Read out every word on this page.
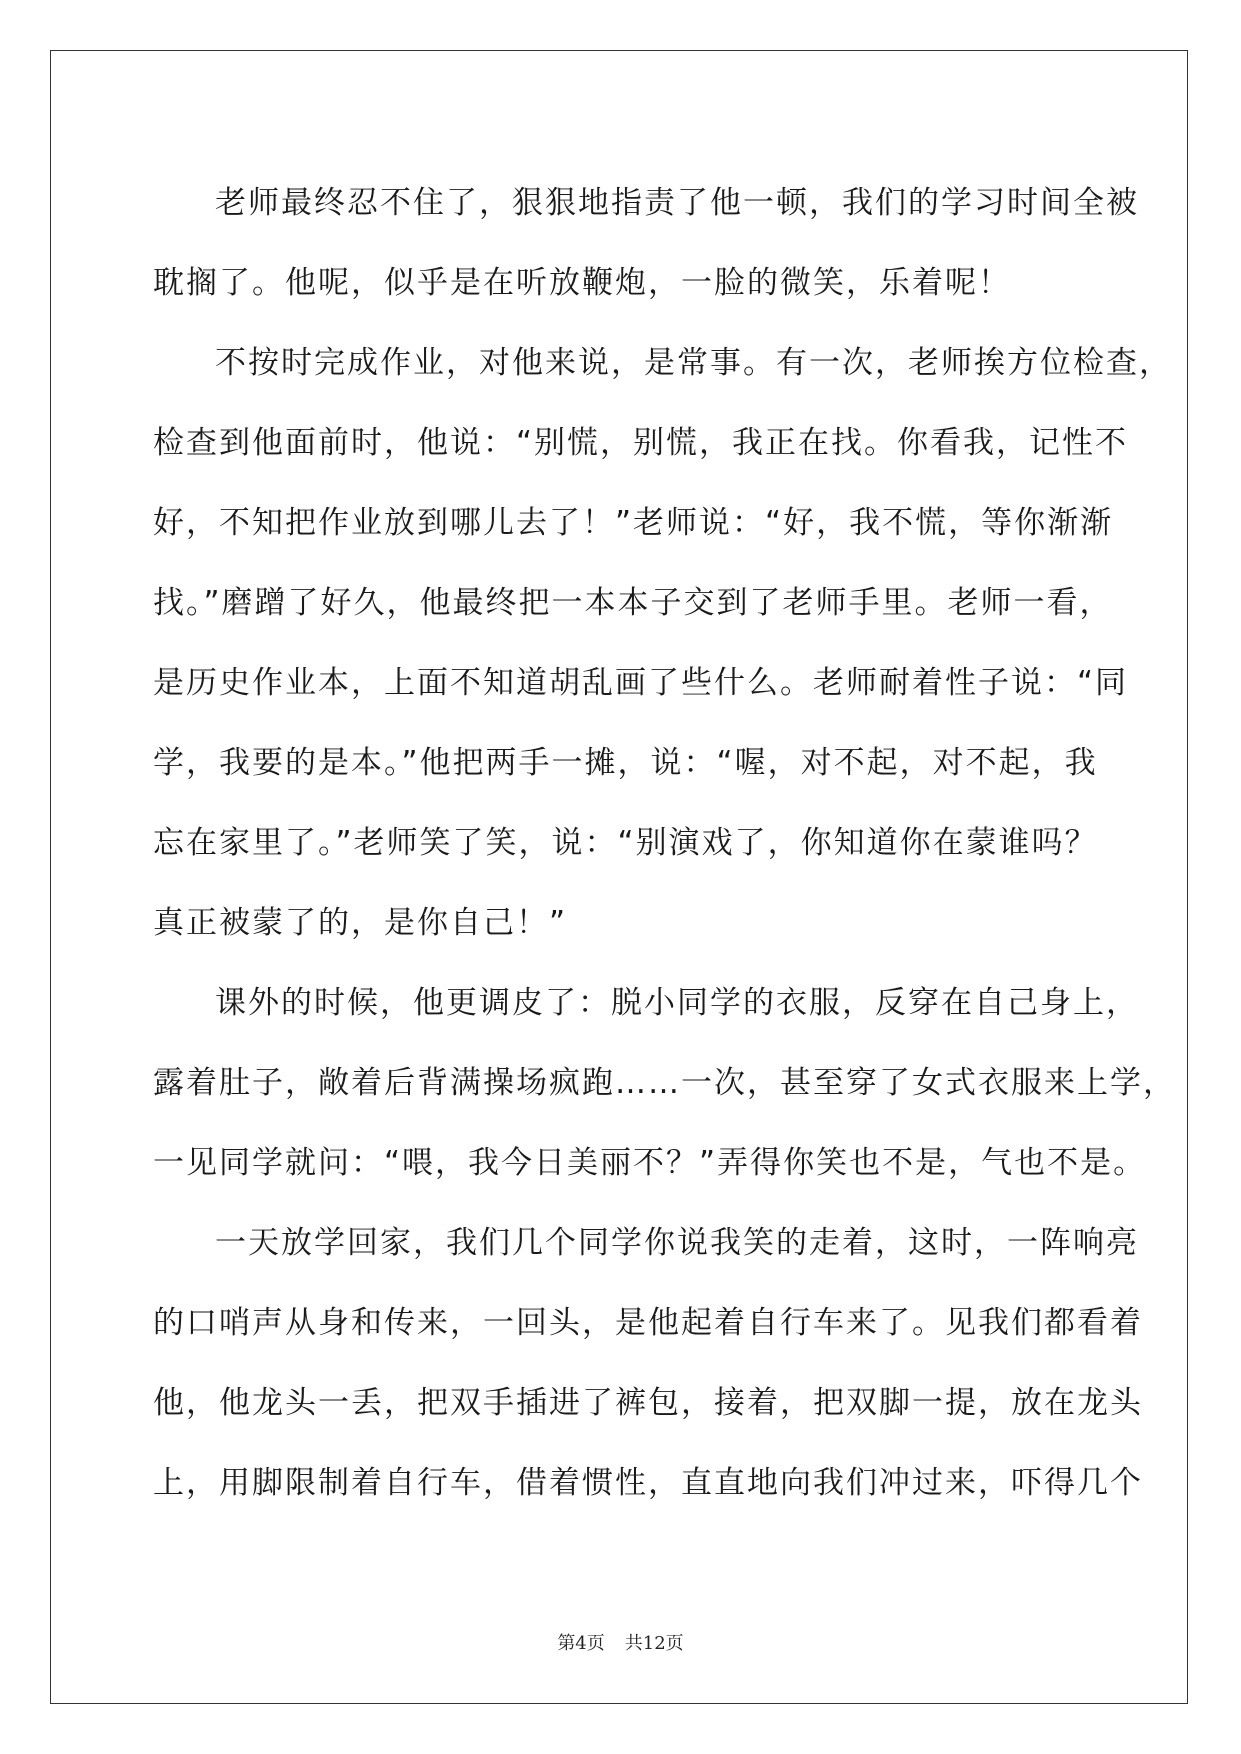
老师最终忍不住了，狠狠地指责了他一顿，我们的学习时间全被
耽搁了。他呢，似乎是在听放鞭炮，一脸的微笑，乐着呢！
不按时完成作业，对他来说，是常事。有一次，老师挨方位检查，
检查到他面前时，他说：“别慌，别慌，我正在找。你看我，记性不
好，不知把作业放到哪儿去了！”老师说：“好，我不慌，等你渐渐
找。”磨蹭了好久，他最终把一本本子交到了老师手里。老师一看，
是历史作业本，上面不知道胡乱画了些什么。老师耐着性子说：“同
学，我要的是本。”他把两手一摊，说：“喔，对不起，对不起，我
忘在家里了。”老师笑了笑，说：“别演戏了，你知道你在蒙谁吗？
真正被蒙了的，是你自己！”
课外的时候，他更调皮了：脱小同学的衣服，反穿在自己身上，
露着肚子，敞着后背满操场疯跑……一次，甚至穿了女式衣服来上学，
一见同学就问：“喂，我今日美丽不？”弄得你笑也不是，气也不是。
一天放学回家，我们几个同学你说我笑的走着，这时，一阵响亮
的口哨声从身和传来，一回头，是他起着自行车来了。见我们都看着
他，他龙头一丢，把双手插进了裤包，接着，把双脚一提，放在龙头
上，用脚限制着自行车，借着惯性，直直地向我们冲过来，吓得几个
第4页 共12页
